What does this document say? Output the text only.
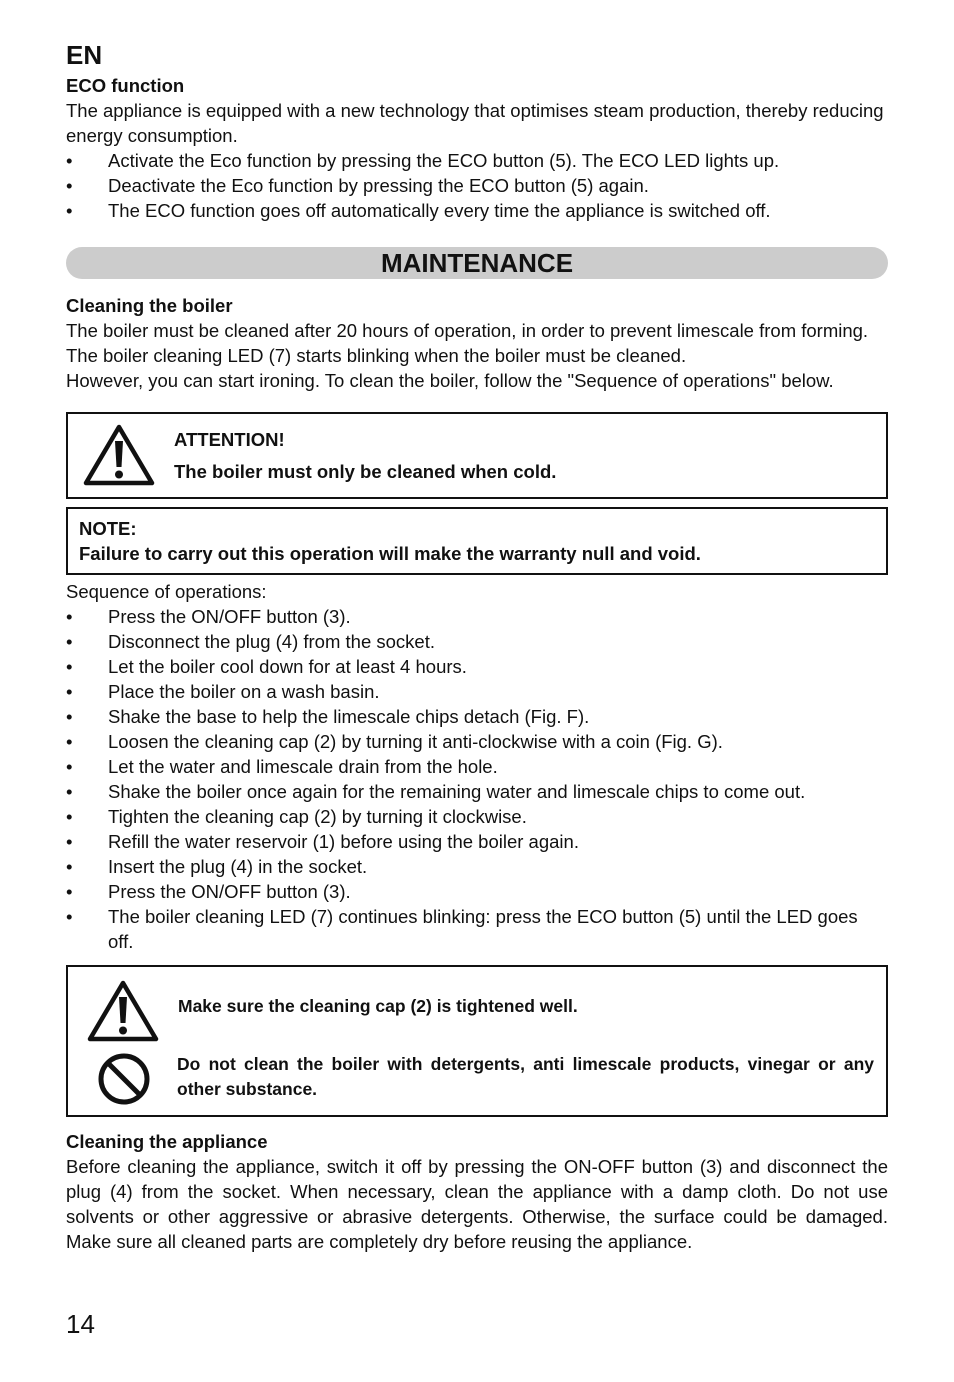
EN
ECO function

The appliance is equipped with a new technology that optimises steam production, thereby reducing energy consumption.

• Activate the Eco function by pressing the ECO button (5). The ECO LED lights up.
• Deactivate the Eco function by pressing the ECO button (5) again.
• The ECO function goes off automatically every time the appliance is switched off.
MAINTENANCE
Cleaning the boiler

The boiler must be cleaned after 20 hours of operation, in order to prevent limescale from forming.

The boiler cleaning LED (7) starts blinking when the boiler must be cleaned.

However, you can start ironing. To clean the boiler, follow the "Sequence of operations" below.

ATTENTION!
The boiler must only be cleaned when cold.
NOTE:
Failure to carry out this operation will make the warranty null and void.

Sequence of operations:

• Press the ON/OFF button (3).
• Disconnect the plug (4) from the socket.
• Let the boiler cool down for at least 4 hours.
• Place the boiler on a wash basin.
• Shake the base to help the limescale chips detach (Fig. F).
• Loosen the cleaning cap (2) by turning it anti-clockwise with a coin (Fig. G).
• Let the water and limescale drain from the hole.
• Shake the boiler once again for the remaining water and limescale chips to come out.
• Tighten the cleaning cap (2) by turning it clockwise.
• Refill the water reservoir (1) before using the boiler again.
• Insert the plug (4) in the socket.
• Press the ON/OFF button (3).
• The boiler cleaning LED (7) continues blinking: press the ECO button (5) until the LED goes off.
Make sure the cleaning cap (2) is tightened well.
Do not clean the boiler with detergents, anti limescale products, vinegar or any other substance.
Cleaning the appliance

Before cleaning the appliance, switch it off by pressing the ON-OFF button (3) and disconnect the plug (4) from the socket. When necessary, clean the appliance with a damp cloth. Do not use solvents or other aggressive or abrasive detergents. Otherwise, the surface could be damaged. Make sure all cleaned parts are completely dry before reusing the appliance.

14
